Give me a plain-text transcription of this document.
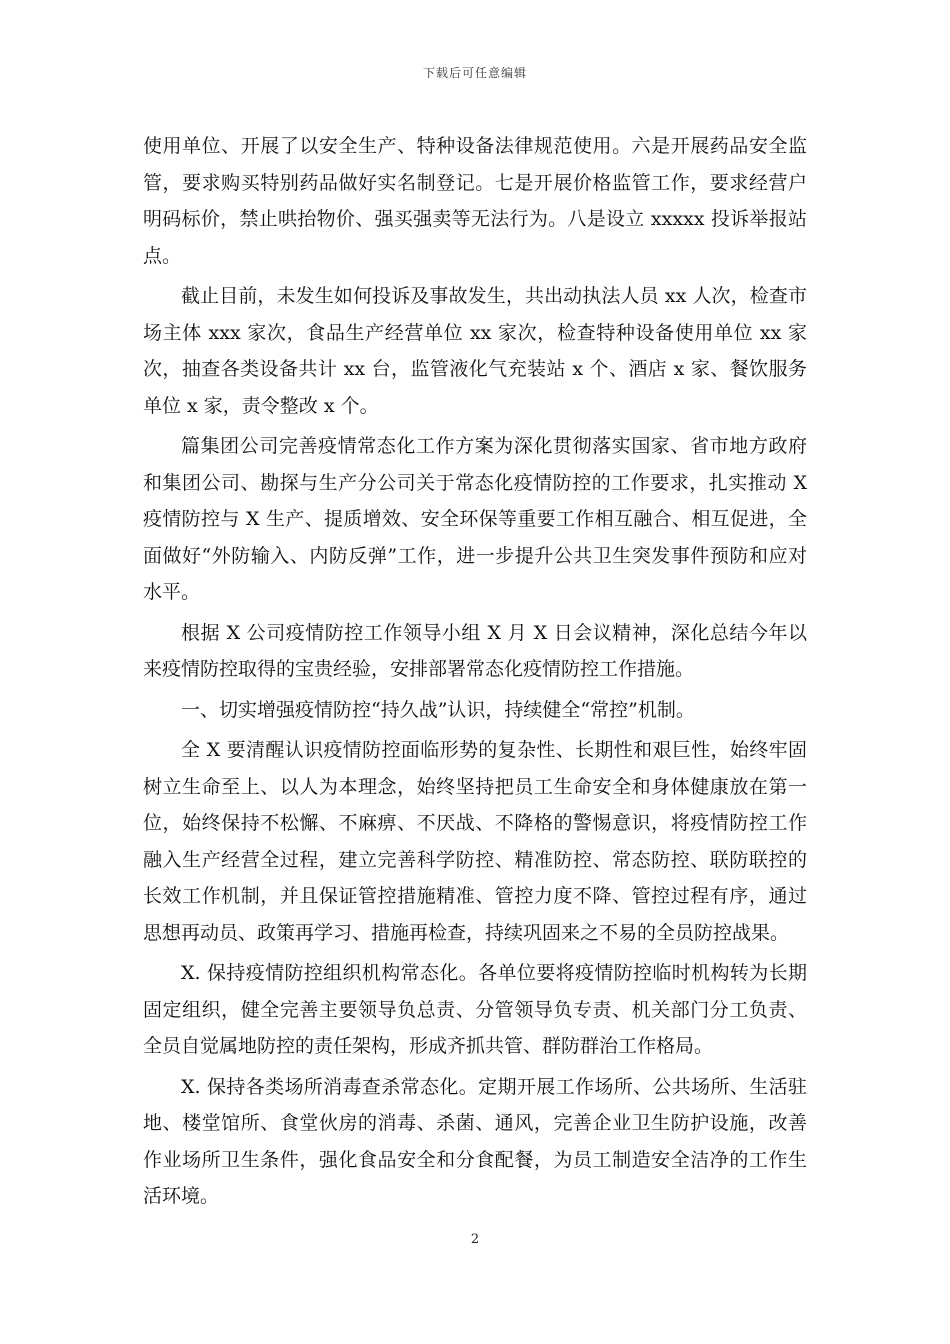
下载后可任意编辑

使用单位、开展了以安全生产、特种设备法律规范使用。六是开展药品安全监管，要求购买特别药品做好实名制登记。七是开展价格监管工作，要求经营户明码标价，禁止哄抬物价、强买强卖等无法行为。八是设立 xxxxx 投诉举报站点。

截止目前，未发生如何投诉及事故发生，共出动执法人员 xx 人次，检查市场主体 xxx 家次，食品生产经营单位 xx 家次，检查特种设备使用单位 xx 家次，抽查各类设备共计 xx 台，监管液化气充装站 x 个、酒店 x 家、餐饮服务单位 x 家，责令整改 x 个。

篇集团公司完善疫情常态化工作方案为深化贯彻落实国家、省市地方政府和集团公司、勘探与生产分公司关于常态化疫情防控的工作要求，扎实推动 X 疫情防控与 X 生产、提质增效、安全环保等重要工作相互融合、相互促进，全面做好“外防输入、内防反弹”工作，进一步提升公共卫生突发事件预防和应对水平。

根据 X 公司疫情防控工作领导小组 X 月 X 日会议精神，深化总结今年以来疫情防控取得的宝贵经验，安排部署常态化疫情防控工作措施。

一、切实增强疫情防控“持久战”认识，持续健全“常控”机制。

全 X 要清醒认识疫情防控面临形势的复杂性、长期性和艰巨性，始终牢固树立生命至上、以人为本理念，始终坚持把员工生命安全和身体健康放在第一位，始终保持不松懈、不麻痹、不厌战、不降格的警惕意识，将疫情防控工作融入生产经营全过程，建立完善科学防控、精准防控、常态防控、联防联控的长效工作机制，并且保证管控措施精准、管控力度不降、管控过程有序，通过思想再动员、政策再学习、措施再检查，持续巩固来之不易的全员防控战果。

X. 保持疫情防控组织机构常态化。各单位要将疫情防控临时机构转为长期固定组织，健全完善主要领导负总责、分管领导负专责、机关部门分工负责、全员自觉属地防控的责任架构，形成齐抓共管、群防群治工作格局。

X. 保持各类场所消毒查杀常态化。定期开展工作场所、公共场所、生活驻地、楼堂馆所、食堂伙房的消毒、杀菌、通风，完善企业卫生防护设施，改善作业场所卫生条件，强化食品安全和分食配餐，为员工制造安全洁净的工作生活环境。

2
